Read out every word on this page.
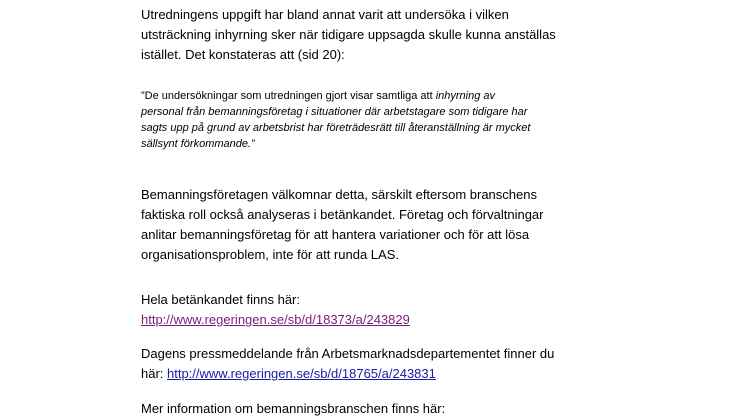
Utredningens uppgift har bland annat varit att undersöka i vilken
utsträckning inhyrning sker när tidigare uppsagda skulle kunna anställas
istället. Det konstateras att (sid 20):

”De undersökningar som utredningen gjort visar samtliga att inhyrning av
personal från bemanningsföretag i situationer där arbetstagare som tidigare har
sagts upp på grund av arbetsbrist har företrädesrätt till återanställning är mycket
sällsynt förkommande.”

Bemanningsföretagen välkomnar detta, särskilt eftersom branschens
faktiska roll också analyseras i betänkandet. Företag och förvaltningar
anlitar bemanningsföretag för att hantera variationer och för att lösa
organisationsproblem, inte för att runda LAS.

Hela betänkandet finns här:
http://www.regeringen.se/sb/d/18373/a/243829

Dagens pressmeddelande från Arbetsmarknadsdepartementet finner du
här: http://www.regeringen.se/sb/d/18765/a/243831

Mer information om bemanningsbranschen finns här:
